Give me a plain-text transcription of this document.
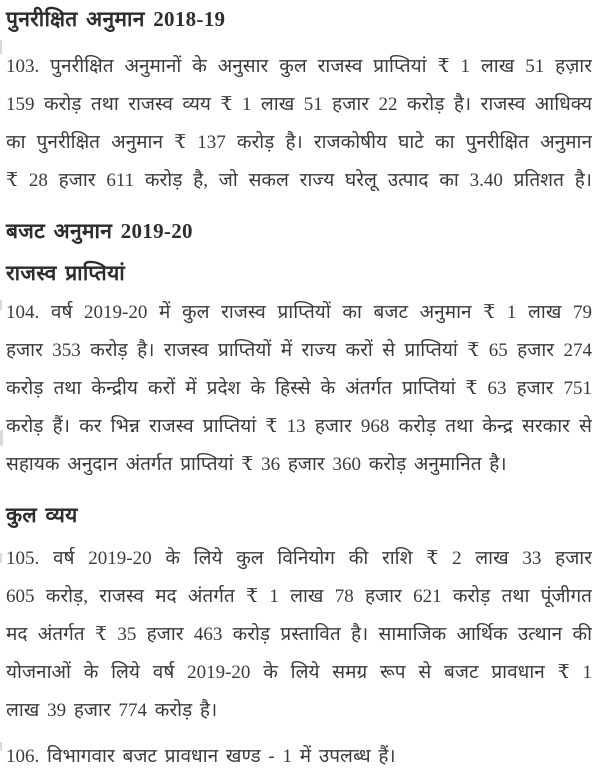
पुनरीक्षित अनुमान 2018-19
103. पुनरीक्षित अनुमानों के अनुसार कुल राजस्व प्राप्तियां ₹ 1 लाख 51 हज़ार
159 करोड़ तथा राजस्व व्यय ₹ 1 लाख 51 हजार 22 करोड़ है। राजस्व आधिक्य
का पुनरीक्षित अनुमान ₹ 137 करोड़ है। राजकोषीय घाटे का पुनरीक्षित अनुमान
₹ 28 हजार 611 करोड़ है, जो सकल राज्य घरेलू उत्पाद का 3.40 प्रतिशत है।
बजट अनुमान 2019-20
राजस्व प्राप्तियां
104. वर्ष 2019-20 में कुल राजस्व प्राप्तियों का बजट अनुमान ₹ 1 लाख 79
हजार 353 करोड़ है। राजस्व प्राप्तियों में राज्य करों से प्राप्तियां ₹ 65 हजार 274
करोड़ तथा केन्द्रीय करों में प्रदेश के हिस्से के अंतर्गत प्राप्तियां ₹ 63 हजार 751
करोड़ हैं। कर भिन्न राजस्व प्राप्तियां ₹ 13 हजार 968 करोड़ तथा केन्द्र सरकार से
सहायक अनुदान अंतर्गत प्राप्तियां ₹ 36 हजार 360 करोड़ अनुमानित है।
कुल व्यय
105. वर्ष 2019-20 के लिये कुल विनियोग की राशि ₹ 2 लाख 33 हजार
605 करोड़, राजस्व मद अंतर्गत ₹ 1 लाख 78 हजार 621 करोड़ तथा पूंजीगत
मद अंतर्गत ₹ 35 हजार 463 करोड़ प्रस्तावित है। सामाजिक आर्थिक उत्थान की
योजनाओं के लिये वर्ष 2019-20 के लिये समग्र रूप से बजट प्रावधान ₹ 1
लाख 39 हजार 774 करोड़ है।
106. विभागवार बजट प्रावधान खण्ड - 1 में उपलब्ध हैं।
